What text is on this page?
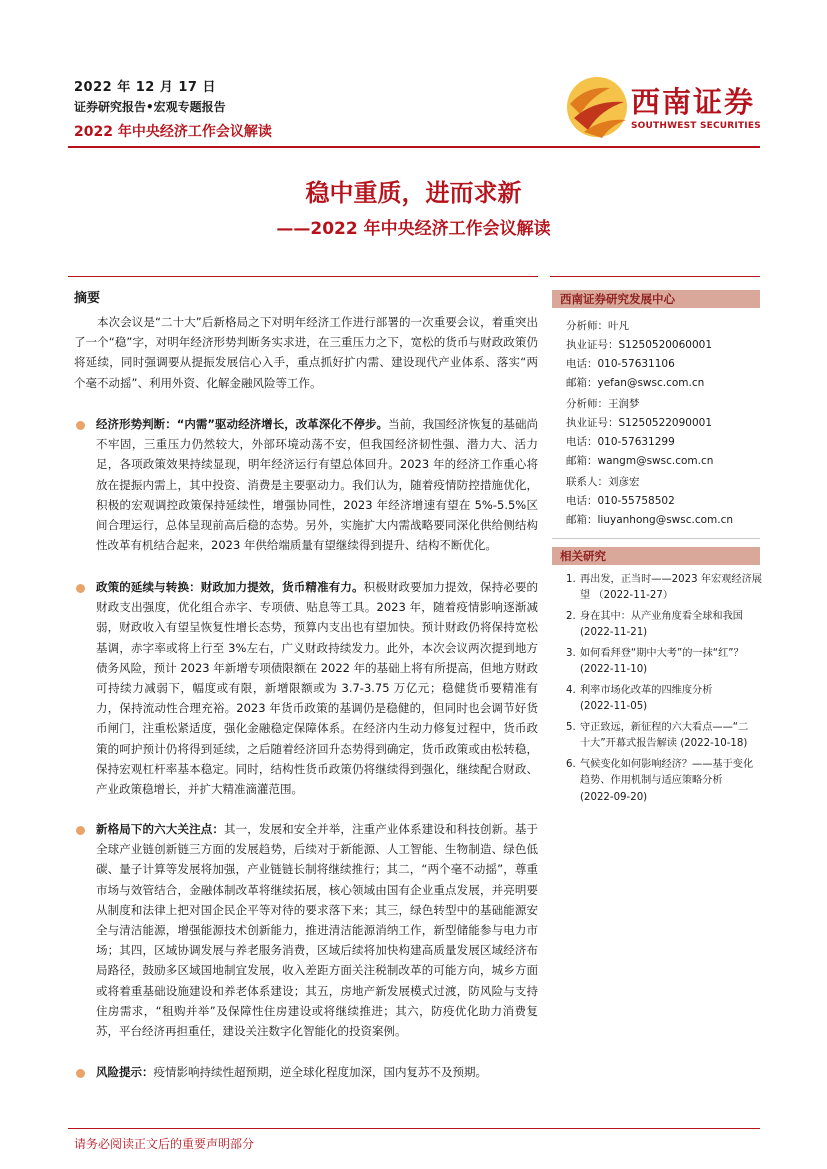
2022 年 12 月 17 日
证券研究报告•宏观专题报告
2022 年中央经济工作会议解读
西南证券
SOUTHWEST SECURITIES
稳中重质，进而求新
——2022 年中央经济工作会议解读
摘要

本次会议是“二十大”后新格局之下对明年经济工作进行部署的一次重要会议，着重突出了一个“稳”字，对明年经济形势判断务实求进，在三重压力之下，宽松的货币与财政政策仍将延续，同时强调要从提振发展信心入手，重点抓好扩内需、建设现代产业体系、落实“两个毫不动摇”、利用外资、化解金融风险等工作。

经济形势判断：“内需”驱动经济增长，改革深化不停步。当前，我国经济恢复的基础尚不牢固，三重压力仍然较大，外部环境动荡不安，但我国经济韧性强、潜力大、活力足，各项政策效果持续显现，明年经济运行有望总体回升。2023 年的经济工作重心将放在提振内需上，其中投资、消费是主要驱动力。我们认为，随着疫情防控措施优化，积极的宏观调控政策保持延续性，增强协同性，2023 年经济增速有望在 5%-5.5%区间合理运行，总体呈现前高后稳的态势。另外，实施扩大内需战略要同深化供给侧结构性改革有机结合起来，2023 年供给端质量有望继续得到提升、结构不断优化。

政策的延续与转换：财政加力提效，货币精准有力。积极财政要加力提效，保持必要的财政支出强度，优化组合赤字、专项债、贴息等工具。2023 年，随着疫情影响逐渐减弱，财政收入有望呈恢复性增长态势，预算内支出也有望加快。预计财政仍将保持宽松基调，赤字率或将上行至 3%左右，广义财政持续发力。此外，本次会议两次提到地方债务风险，预计 2023 年新增专项债限额在 2022 年的基础上将有所提高，但地方财政可持续力减弱下，幅度或有限，新增限额或为 3.7-3.75 万亿元；稳健货币要精准有力，保持流动性合理充裕。2023 年货币政策的基调仍是稳健的，但同时也会调节好货币闸门，注重松紧适度，强化金融稳定保障体系。在经济内生动力修复过程中，货币政策的呵护预计仍将得到延续，之后随着经济回升态势得到确定，货币政策或由松转稳，保持宏观杠杆率基本稳定。同时，结构性货币政策仍将继续得到强化，继续配合财政、产业政策稳增长，并扩大精准滴灌范围。

新格局下的六大关注点：其一，发展和安全并举，注重产业体系建设和科技创新。基于全球产业链创新链三方面的发展趋势，后续对于新能源、人工智能、生物制造、绿色低碳、量子计算等发展将加强，产业链链长制将继续推行；其二，“两个毫不动摇”，尊重市场与效管结合，金融体制改革将继续拓展，核心领域由国有企业重点发展，并亮明要从制度和法律上把对国企民企平等对待的要求落下来；其三，绿色转型中的基础能源安全与清洁能源，增强能源技术创新能力，推进清洁能源消纳工作，新型储能参与电力市场；其四，区域协调发展与养老服务消费，区域后续将加快构建高质量发展区域经济布局路径，鼓励多区域国地制宜发展，收入差距方面关注税制改革的可能方向，城乡方面或将着重基础设施建设和养老体系建设；其五，房地产新发展模式过渡，防风险与支持住房需求，“租购并举”及保障性住房建设或将继续推进；其六，防疫优化助力消费复苏，平台经济再担重任，建设关注数字化智能化的投资案例。

风险提示：疫情影响持续性超预期，逆全球化程度加深，国内复苏不及预期。

西南证券研究发展中心
分析师：叶凡
执业证号：S1250520060001
电话：010-57631106
邮箱：yefan@swsc.com.cn
分析师：王润梦
执业证号：S1250522090001
电话：010-57631299
邮箱：wangm@swsc.com.cn
联系人：刘彦宏
电话：010-55758502
邮箱：liuyanhong@swsc.com.cn
相关研究
1. 再出发，正当时——2023 年宏观经济展
望 （2022-11-27）
2. 身在其中：从产业角度看全球和我国
(2022-11-21)
3. 如何看拜登“期中大考”的一抹“红”？
(2022-11-10)
4. 利率市场化改革的四维度分析
(2022-11-05)
5. 守正致远，新征程的六大看点——“二
十大”开幕式报告解读 (2022-10-18)
6. 气候变化如何影响经济？——基于变化
趋势、作用机制与适应策略分析
(2022-09-20)
请务必阅读正文后的重要声明部分
